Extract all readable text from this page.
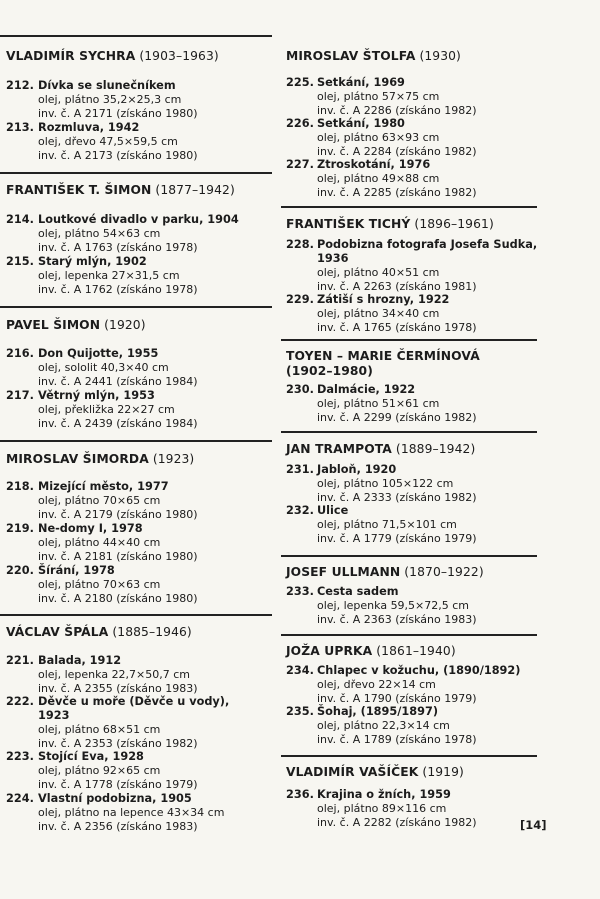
VLADIMÍR SYCHRA (1903–1963)
212. Dívka se slunečníkem
olej, plátno 35,2×25,3 cm
inv. č. A 2171 (získáno 1980)
213. Rozmluva, 1942
olej, dřevo 47,5×59,5 cm
inv. č. A 2173 (získáno 1980)
FRANTIŠEK T. ŠIMON (1877–1942)
214. Loutkové divadlo v parku, 1904
olej, plátno 54×63 cm
inv. č. A 1763 (získáno 1978)
215. Starý mlýn, 1902
olej, lepenka 27×31,5 cm
inv. č. A 1762 (získáno 1978)
PAVEL ŠIMON (1920)
216. Don Quijotte, 1955
olej, sololit 40,3×40 cm
inv. č. A 2441 (získáno 1984)
217. Větrný mlýn, 1953
olej, překližka 22×27 cm
inv. č. A 2439 (získáno 1984)
MIROSLAV ŠIMORDA (1923)
218. Mizející město, 1977
olej, plátno 70×65 cm
inv. č. A 2179 (získáno 1980)
219. Ne-domy I, 1978
olej, plátno 44×40 cm
inv. č. A 2181 (získáno 1980)
220. Šírání, 1978
olej, plátno 70×63 cm
inv. č. A 2180 (získáno 1980)
VÁCLAV ŠPÁLA (1885–1946)
221. Balada, 1912
olej, lepenka 22,7×50,7 cm
inv. č. A 2355 (získáno 1983)
222. Děvče u moře (Děvče u vody),
1923
olej, plátno 68×51 cm
inv. č. A 2353 (získáno 1982)
223. Stojící Eva, 1928
olej, plátno 92×65 cm
inv. č. A 1778 (získáno 1979)
224. Vlastní podobizna, 1905
olej, plátno na lepence 43×34 cm
inv. č. A 2356 (získáno 1983)
MIROSLAV ŠTOLFA (1930)
225. Setkání, 1969
olej, plátno 57×75 cm
inv. č. A 2286 (získáno 1982)
226. Setkání, 1980
olej, plátno 63×93 cm
inv. č. A 2284 (získáno 1982)
227. Ztroskotání, 1976
olej, plátno 49×88 cm
inv. č. A 2285 (získáno 1982)
FRANTIŠEK TICHÝ (1896–1961)
228. Podobizna fotografa Josefa Sudka,
1936
olej, plátno 40×51 cm
inv. č. A 2263 (získáno 1981)
229. Zátiší s hrozny, 1922
olej, plátno 34×40 cm
inv. č. A 1765 (získáno 1978)
TOYEN – MARIE ČERMÍNOVÁ
(1902–1980)
230. Dalmácie, 1922
olej, plátno 51×61 cm
inv. č. A 2299 (získáno 1982)
JAN TRAMPOTA (1889–1942)
231. Jabloň, 1920
olej, plátno 105×122 cm
inv. č. A 2333 (získáno 1982)
232. Ulice
olej, plátno 71,5×101 cm
inv. č. A 1779 (získáno 1979)
JOSEF ULLMANN (1870–1922)
233. Cesta sadem
olej, lepenka 59,5×72,5 cm
inv. č. A 2363 (získáno 1983)
JOŽA UPRKA (1861–1940)
234. Chlapec v kožuchu, (1890/1892)
olej, dřevo 22×14 cm
inv. č. A 1790 (získáno 1979)
235. Šohaj, (1895/1897)
olej, plátno 22,3×14 cm
inv. č. A 1789 (získáno 1978)
VLADIMÍR VAŠÍČEK (1919)
236. Krajina o žních, 1959
olej, plátno 89×116 cm
inv. č. A 2282 (získáno 1982)	[14]
